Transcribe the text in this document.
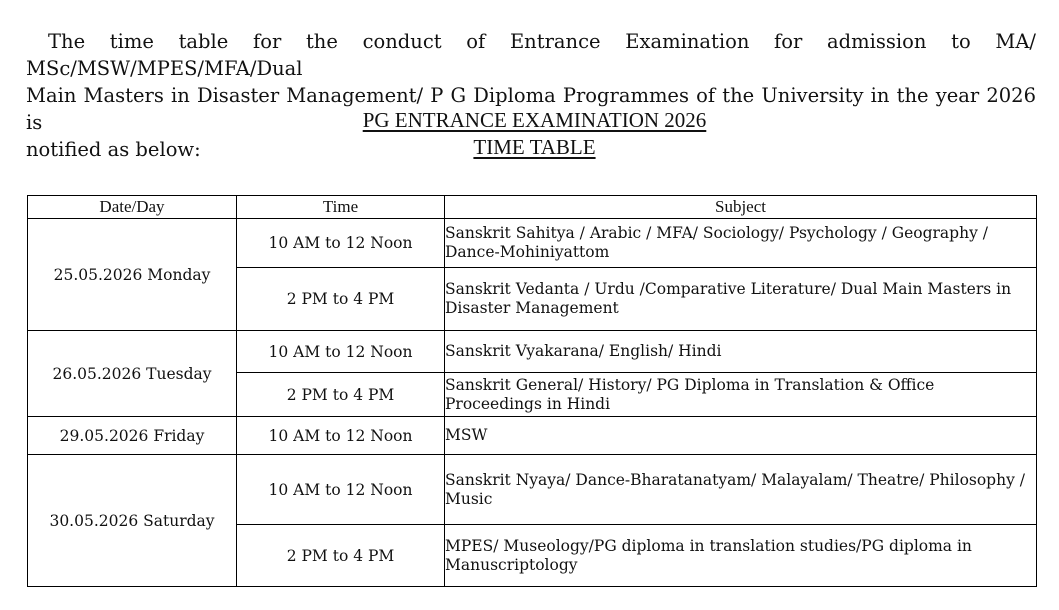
The time table for the conduct of Entrance Examination for admission to MA/ MSc/MSW/MPES/MFA/Dual
Main Masters in Disaster Management/ P G Diploma Programmes of the University in the year 2026 is
notified as below:

PG ENTRANCE EXAMINATION 2026

TIME TABLE

Date/Day	Time	Subject
25.05.2026 Monday	10 AM to 12 Noon	Sanskrit Sahitya / Arabic / MFA/ Sociology/ Psychology / Geography / Dance-Mohiniyattom
	2 PM to 4 PM	Sanskrit Vedanta / Urdu /Comparative Literature/ Dual Main Masters in Disaster Management
26.05.2026 Tuesday	10 AM to 12 Noon	Sanskrit Vyakarana/ English/ Hindi
	2 PM to 4 PM	Sanskrit General/ History/ PG Diploma in Translation & Office Proceedings in Hindi
29.05.2026 Friday	10 AM to 12 Noon	MSW
30.05.2026 Saturday	10 AM to 12 Noon	Sanskrit Nyaya/ Dance-Bharatanatyam/ Malayalam/ Theatre/ Philosophy / Music
	2 PM to 4 PM	MPES/ Museology/PG diploma in translation studies/PG diploma in Manuscriptology
